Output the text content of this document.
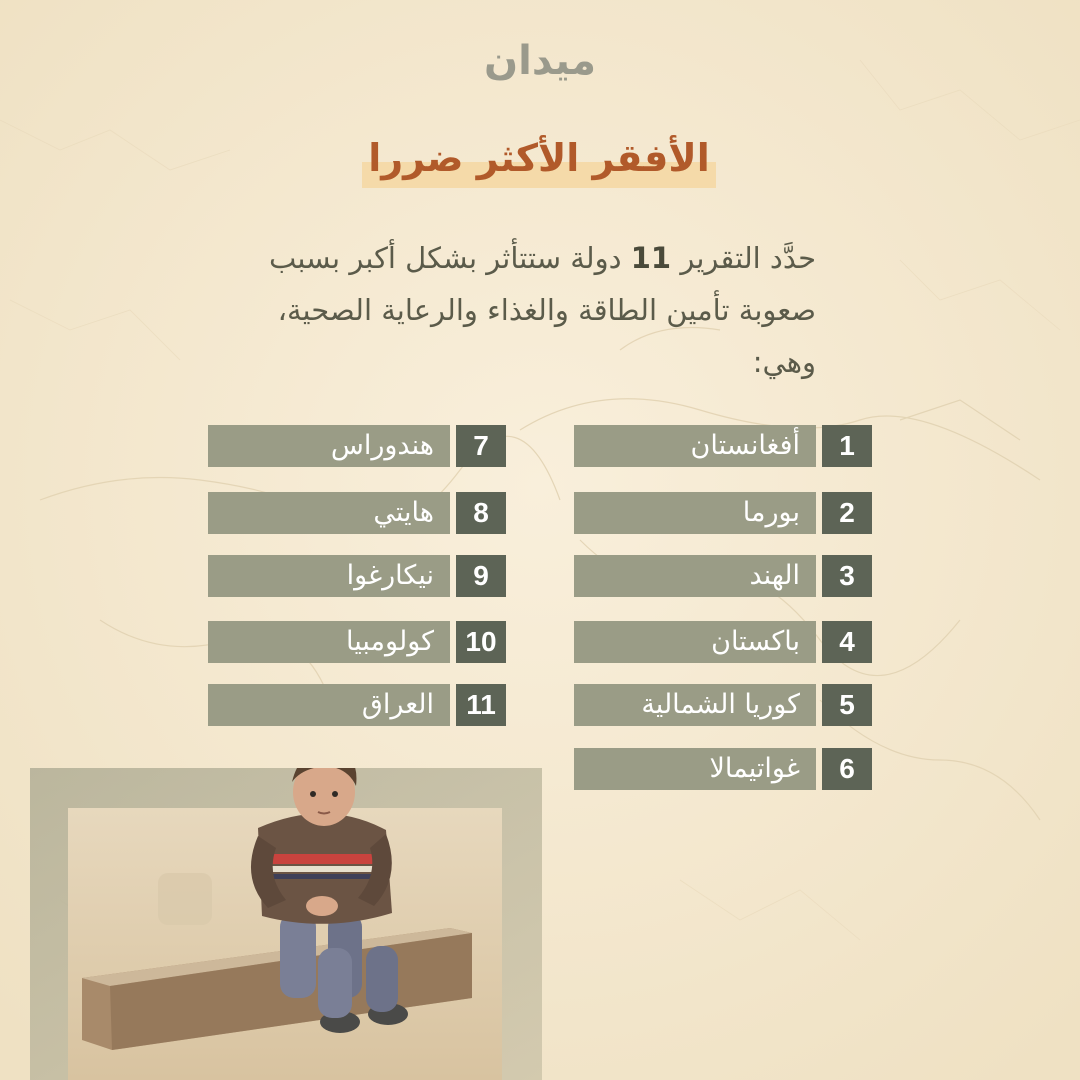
ميدان
الأفقر الأكثر ضررا
حدَّد التقرير 11 دولة ستتأثر بشكل أكبر بسبب صعوبة تأمين الطاقة والغذاء والرعاية الصحية، وهي:
1
أفغانستان
2
بورما
3
الهند
4
باكستان
5
كوريا الشمالية
6
غواتيمالا
7
هندوراس
8
هايتي
9
نيكارغوا
10
كولومبيا
11
العراق
